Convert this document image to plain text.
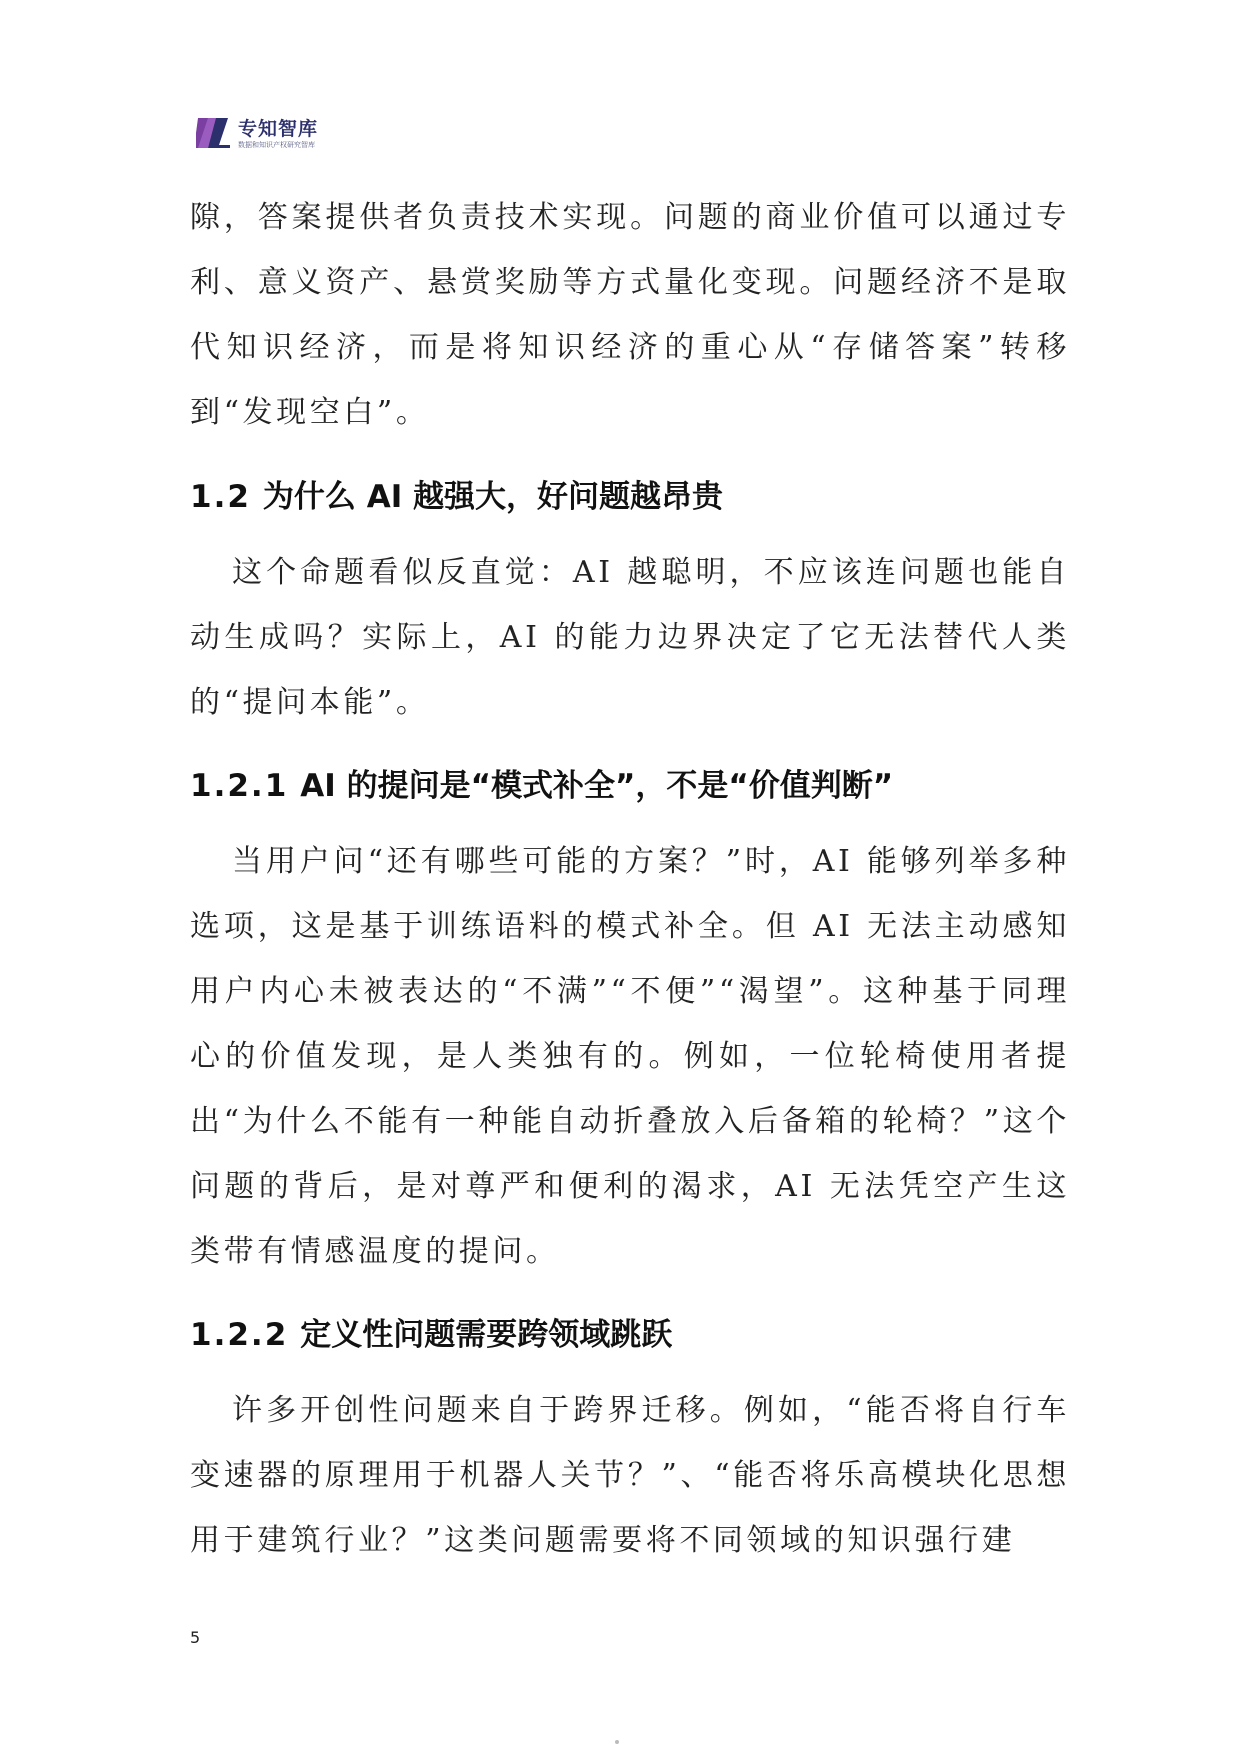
专知智库
数据和知识产权研究智库

隙，答案提供者负责技术实现。问题的商业价值可以通过专利、意义资产、悬赏奖励等方式量化变现。问题经济不是取代知识经济，而是将知识经济的重心从“存储答案”转移到“发现空白”。

1.2 为什么 AI 越强大，好问题越昂贵

这个命题看似反直觉：AI 越聪明，不应该连问题也能自动生成吗？实际上，AI 的能力边界决定了它无法替代人类的“提问本能”。

1.2.1 AI 的提问是“模式补全”，不是“价值判断”

当用户问“还有哪些可能的方案？”时，AI 能够列举多种选项，这是基于训练语料的模式补全。但 AI 无法主动感知用户内心未被表达的“不满”“不便”“渴望”。这种基于同理心的价值发现，是人类独有的。例如，一位轮椅使用者提出“为什么不能有一种能自动折叠放入后备箱的轮椅？”这个问题的背后，是对尊严和便利的渴求，AI 无法凭空产生这类带有情感温度的提问。

1.2.2 定义性问题需要跨领域跳跃

许多开创性问题来自于跨界迁移。例如，“能否将自行车变速器的原理用于机器人关节？”、“能否将乐高模块化思想用于建筑行业？”这类问题需要将不同领域的知识强行建

5
